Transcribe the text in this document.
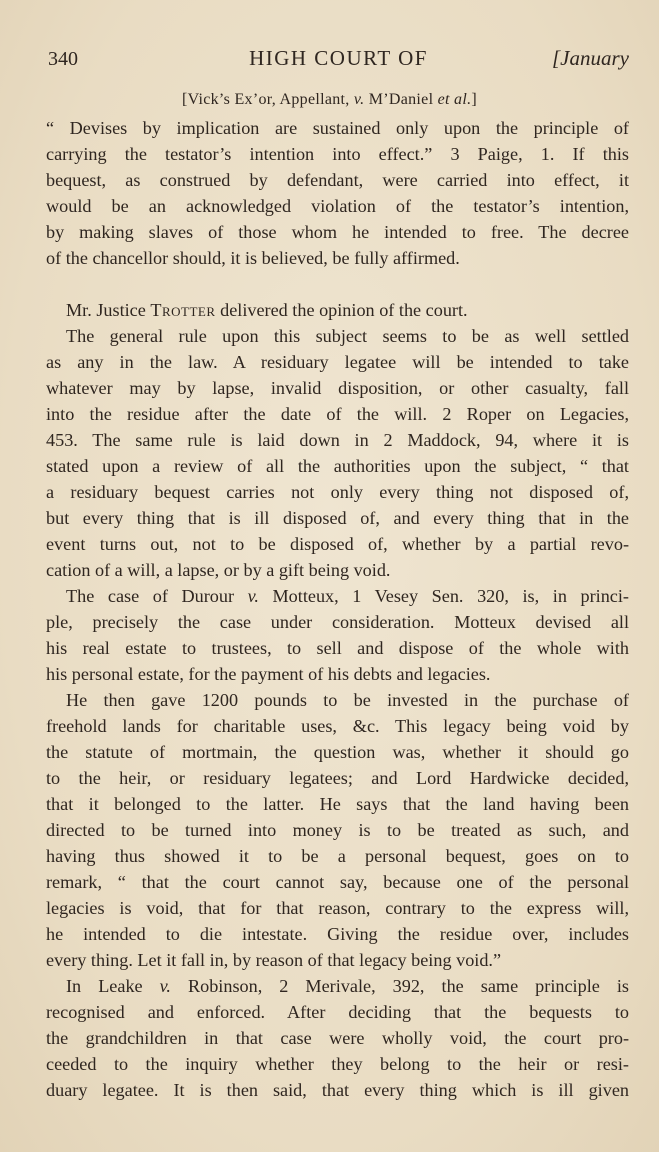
340	HIGH COURT OF	[January
[Vick’s Ex’or, Appellant, v. M’Daniel et al.]
“ Devises by implication are sustained only upon the principle of
carrying the testator’s intention into effect.” 3 Paige, 1. If this
bequest, as construed by defendant, were carried into effect, it
would be an acknowledged violation of the testator’s intention,
by making slaves of those whom he intended to free. The decree
of the chancellor should, it is believed, be fully affirmed.
Mr. Justice Trotter delivered the opinion of the court.
The general rule upon this subject seems to be as well settled
as any in the law. A residuary legatee will be intended to take
whatever may by lapse, invalid disposition, or other casualty, fall
into the residue after the date of the will. 2 Roper on Legacies,
453. The same rule is laid down in 2 Maddock, 94, where it is
stated upon a review of all the authorities upon the subject, “ that
a residuary bequest carries not only every thing not disposed of,
but every thing that is ill disposed of, and every thing that in the
event turns out, not to be disposed of, whether by a partial revo-
cation of a will, a lapse, or by a gift being void.
The case of Durour v. Motteux, 1 Vesey Sen. 320, is, in princi-
ple, precisely the case under consideration. Motteux devised all
his real estate to trustees, to sell and dispose of the whole with
his personal estate, for the payment of his debts and legacies.
He then gave 1200 pounds to be invested in the purchase of
freehold lands for charitable uses, &c. This legacy being void by
the statute of mortmain, the question was, whether it should go
to the heir, or residuary legatees; and Lord Hardwicke decided,
that it belonged to the latter. He says that the land having been
directed to be turned into money is to be treated as such, and
having thus showed it to be a personal bequest, goes on to
remark, “ that the court cannot say, because one of the personal
legacies is void, that for that reason, contrary to the express will,
he intended to die intestate. Giving the residue over, includes
every thing. Let it fall in, by reason of that legacy being void.”
In Leake v. Robinson, 2 Merivale, 392, the same principle is
recognised and enforced. After deciding that the bequests to
the grandchildren in that case were wholly void, the court pro-
ceeded to the inquiry whether they belong to the heir or resi-
duary legatee. It is then said, that every thing which is ill given
